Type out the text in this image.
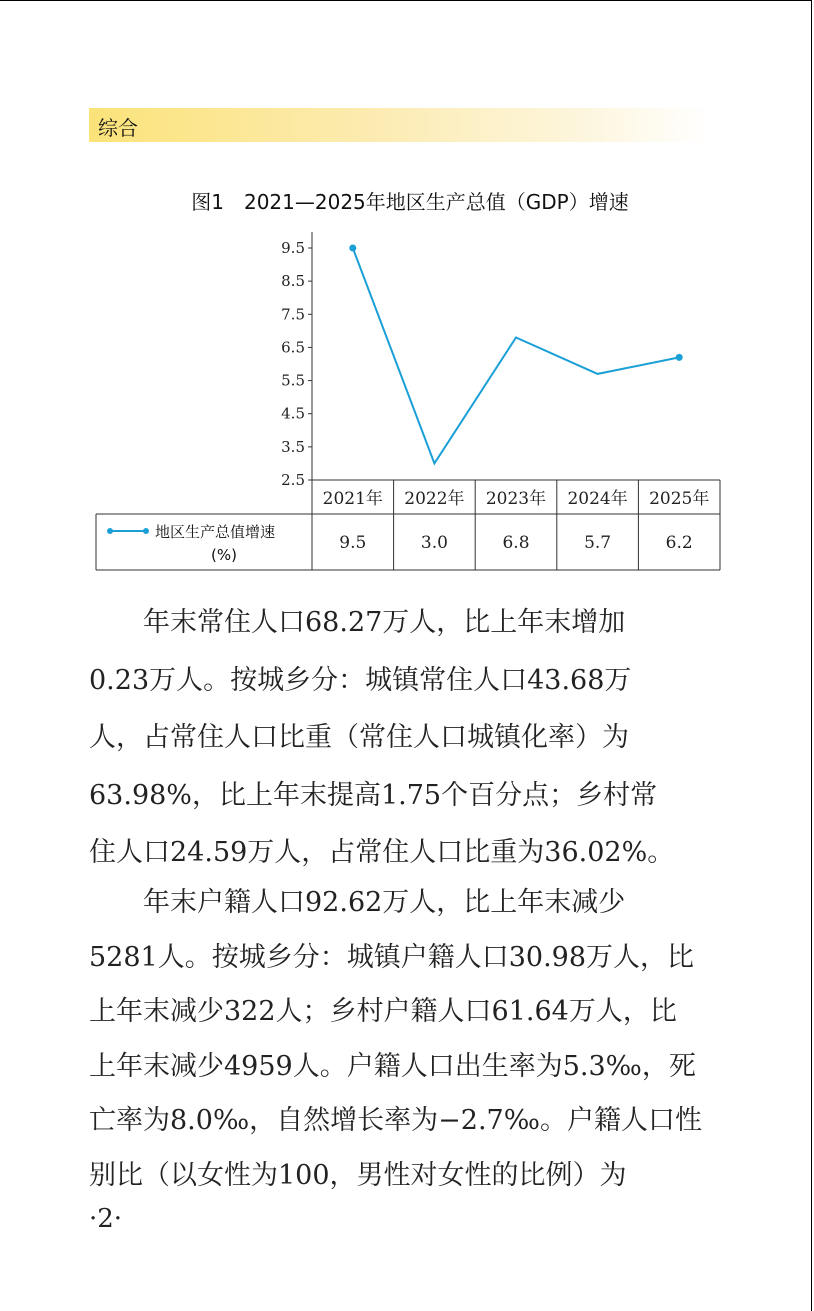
综合
图1　2021—2025年地区生产总值（GDP）增速
9.5
8.5
7.5
6.5
5.5
4.5
3.5
2.5
2021年
9.5
2022年
3.0
2023年
6.8
2024年
5.7
2025年
6.2
地区生产总值增速
(%)
　　年末常住人口68.27万人，比上年末增加
0.23万人。按城乡分：城镇常住人口43.68万
人，占常住人口比重（常住人口城镇化率）为
63.98%，比上年末提高1.75个百分点；乡村常
住人口24.59万人，占常住人口比重为36.02%。
　　年末户籍人口92.62万人，比上年末减少
5281人。按城乡分：城镇户籍人口30.98万人，比
上年末减少322人；乡村户籍人口61.64万人，比
上年末减少4959人。户籍人口出生率为5.3‰，死
亡率为8.0‰，自然增长率为−2.7‰。户籍人口性
别比（以女性为100，男性对女性的比例）为
·2·
